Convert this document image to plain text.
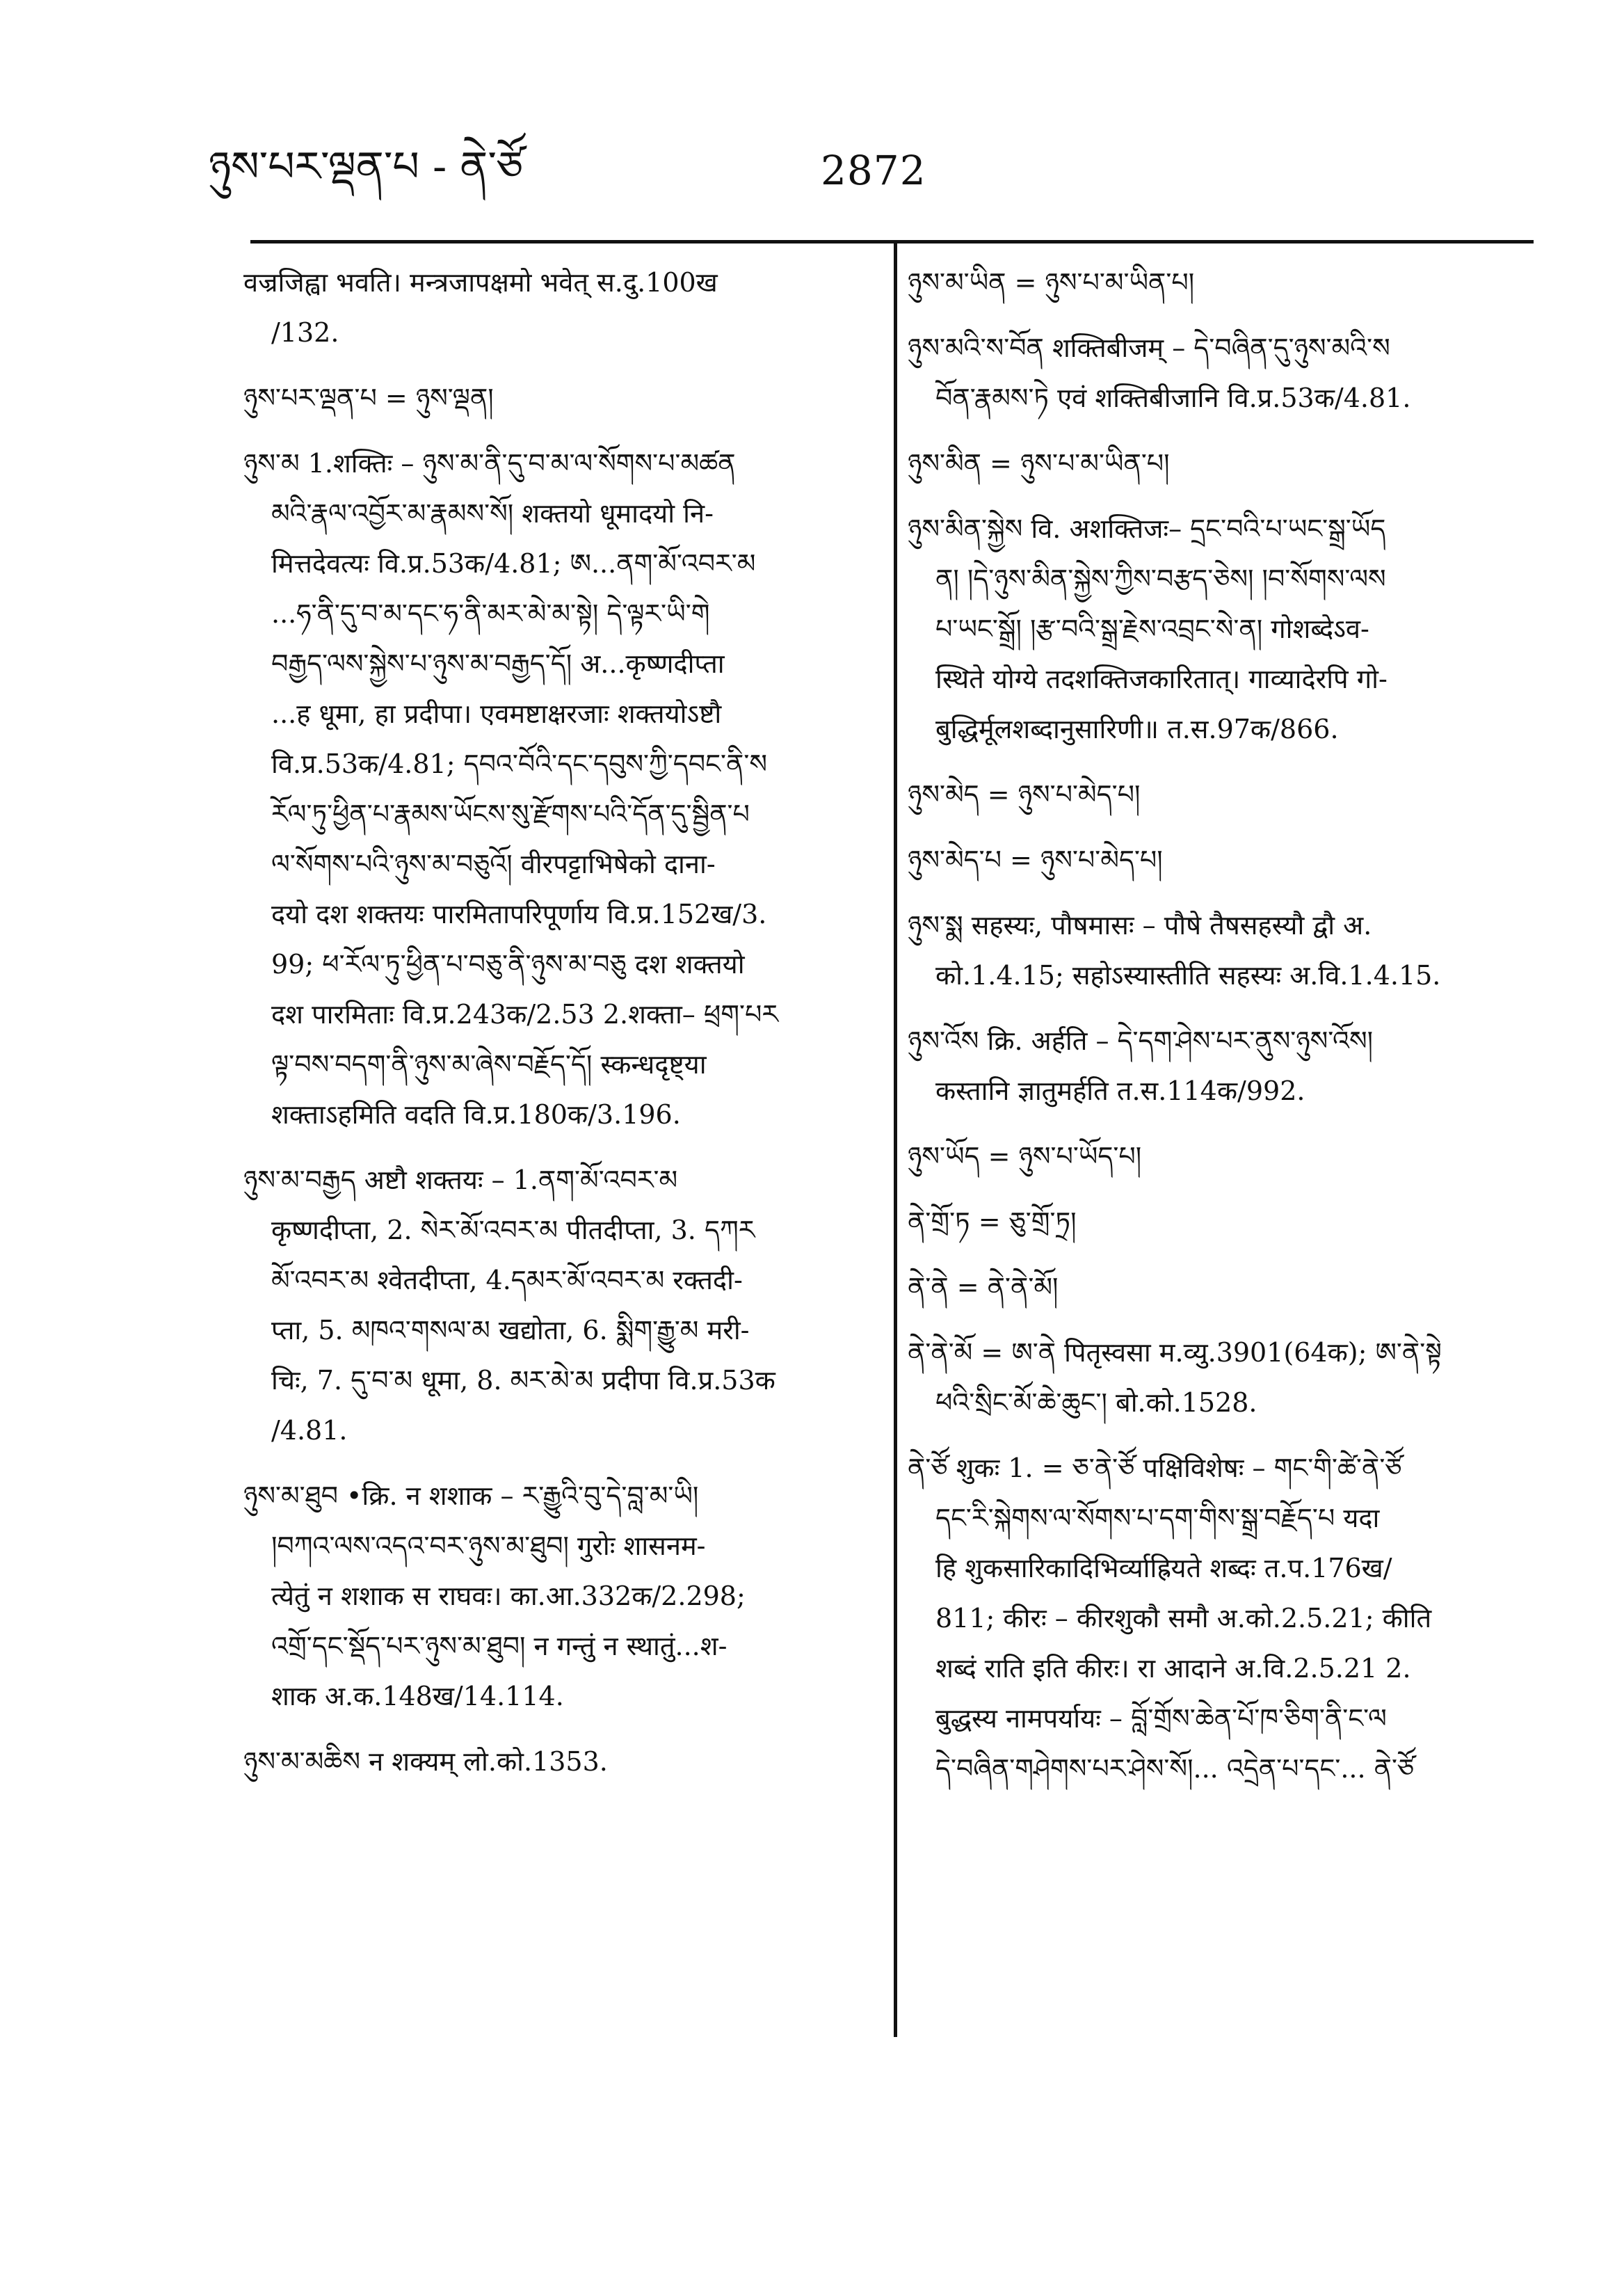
ཉུས་པར་ལྡན་པ - ནེ་ཙོ	2872
वज्रजिह्वा भवति। मन्त्रजापक्षमो भवेत् स.दु.100ख
/132.
ཉུས་པར་ལྡན་པ = ཉུས་ལྡན།
ཉུས་མ 1.शक्तिः – ཉུས་མ་ནི་དུ་བ་མ་ལ་སོགས་པ་མཚན
མའི་རྣལ་འབྱོར་མ་རྣམས་སོ། शक्तयो धूमादयो नि-
मित्तदेवत्यः वि.प्र.53क/4.81; ཨ...ནག་མོ་འབར་མ
...ཧ་ནི་དུ་བ་མ་དང་ཧ་ནི་མར་མེ་མ་སྟེ། དེ་ལྟར་ཡི་གེ
བརྒྱད་ལས་སྐྱེས་པ་ཉུས་མ་བརྒྱད་དོ། अ...कृष्णदीप्ता
...ह धूमा, हा प्रदीपा। एवमष्टाक्षरजाः शक्तयोऽष्टौ
वि.प्र.53क/4.81; དབའ་བོའི་དང་དབུས་ཀྱི་དབང་ནི་ས
རོལ་ཏུ་ཕྱིན་པ་རྣམས་ཡོངས་སུ་རྫོགས་པའི་དོན་དུ་སྦྱིན་པ
ལ་སོགས་པའི་ཉུས་མ་བཅུའོ། वीरपट्टाभिषेको दाना-
दयो दश शक्तयः पारमितापरिपूर्णाय वि.प्र.152ख/3.
99; ཕ་རོལ་ཏུ་ཕྱིན་པ་བཅུ་ནི་ཉུས་མ་བཅུ दश शक्तयो
दश पारमिताः वि.प्र.243क/2.53 2.शक्ता– ཕྲག་པར
ལྟ་བས་བདག་ནི་ཉུས་མ་ཞེས་བརྗོད་དོ། स्कन्धदृष्ट्या
शक्ताऽहमिति वदति वि.प्र.180क/3.196.
ཉུས་མ་བརྒྱད अष्टौ शक्तयः – 1.ནག་མོ་འབར་མ
कृष्णदीप्ता, 2. སེར་མོ་འབར་མ पीतदीप्ता, 3. དཀར
མོ་འབར་མ श्वेतदीप्ता, 4.དམར་མོ་འབར་མ रक्तदी-
प्ता, 5. མཁའ་གསལ་མ खद्योता, 6. སྨིག་རྒྱུ་མ मरी-
चिः, 7. དུ་བ་མ धूमा, 8. མར་མེ་མ प्रदीपा वि.प्र.53क
/4.81.
ཉུས་མ་ཐུབ •क्रि. न शशाक – ར་རྒྱུའི་བུ་དེ་བླ་མ་ཡི།
།བཀའ་ལས་འདའ་བར་ཉུས་མ་ཐུབ། गुरोः शासनम-
त्येतुं न शशाक स राघवः। का.आ.332क/2.298;
འགྲོ་དང་སྡོད་པར་ཉུས་མ་ཐུབ། न गन्तुं न स्थातुं...श-
शाक अ.क.148ख/14.114.
ཉུས་མ་མཆིས न शक्यम् लो.को.1353.
ཉུས་མ་ཡིན = ཉུས་པ་མ་ཡིན་པ།
ཉུས་མའི་ས་བོན शक्तिबीजम् – དེ་བཞིན་དུ་ཉུས་མའི་ས
བོན་རྣམས་ཏེ एवं शक्तिबीजानि वि.प्र.53क/4.81.
ཉུས་མིན = ཉུས་པ་མ་ཡིན་པ།
ཉུས་མིན་སྐྱེས वि. अशक्तिजः– དྲང་བའི་པ་ཡང་སྒྲ་ཡོད
ན། །དེ་ཉུས་མིན་སྐྱེས་ཀྱིས་བརྩད་ཅེས། །བ་སོགས་ལས
པ་ཡང་སྒྲོ། །རྩ་བའི་སྒྲ་རྗེས་འབྲང་སེ་ན། गोशब्देऽव-
स्थिते योग्ये तदशक्तिजकारितात्। गाव्यादेरपि गो-
बुद्धिर्मूलशब्दानुसारिणी॥ त.स.97क/866.
ཉུས་མེད = ཉུས་པ་མེད་པ།
ཉུས་མེད་པ = ཉུས་པ་མེད་པ།
ཉུས་སྨ सहस्यः, पौषमासः – पौषे तैषसहस्यौ द्वौ अ.
को.1.4.15; सहोऽस्यास्तीति सहस्यः अ.वि.1.4.15.
ཉུས་འོས क्रि. अर्हति – དེ་དག་ཤེས་པར་ནུས་ཉུས་འོས།
कस्तानि ज्ञातुमर्हति त.स.114क/992.
ཉུས་ཡོད = ཉུས་པ་ཡོད་པ།
ནེ་གྲོ་ཏ = ཅུ་གྲོ་ཏྲ།
ནེ་ནེ = ནེ་ནེ་མོ།
ནེ་ནེ་མོ = ཨ་ནེ पितृस्वसा म.व्यु.3901(64क); ཨ་ནེ་སྟེ
ཕའི་སྲིང་མོ་ཆེ་ཆུང་། बो.को.1528.
ནེ་ཙོ शुकः 1. = ཅ་ནེ་ཙོ पक्षिविशेषः – གང་གི་ཚེ་ནེ་ཙོ
དང་རི་སྐེགས་ལ་སོགས་པ་དག་གིས་སྒྲ་བརྗོད་པ यदा
हि शुकसारिकादिभिर्व्याह्रियते शब्दः त.प.176ख/
811; कीरः – कीरशुकौ समौ अ.को.2.5.21; कीति
शब्दं राति इति कीरः। रा आदाने अ.वि.2.5.21 2.
बुद्धस्य नामपर्यायः – བློ་གྲོས་ཆེན་པོ་ཁ་ཅིག་ནི་ང་ལ
དེ་བཞིན་གཤེགས་པར་ཤེས་སོ།... འདྲེན་པ་དང་... ནེ་ཙོ
